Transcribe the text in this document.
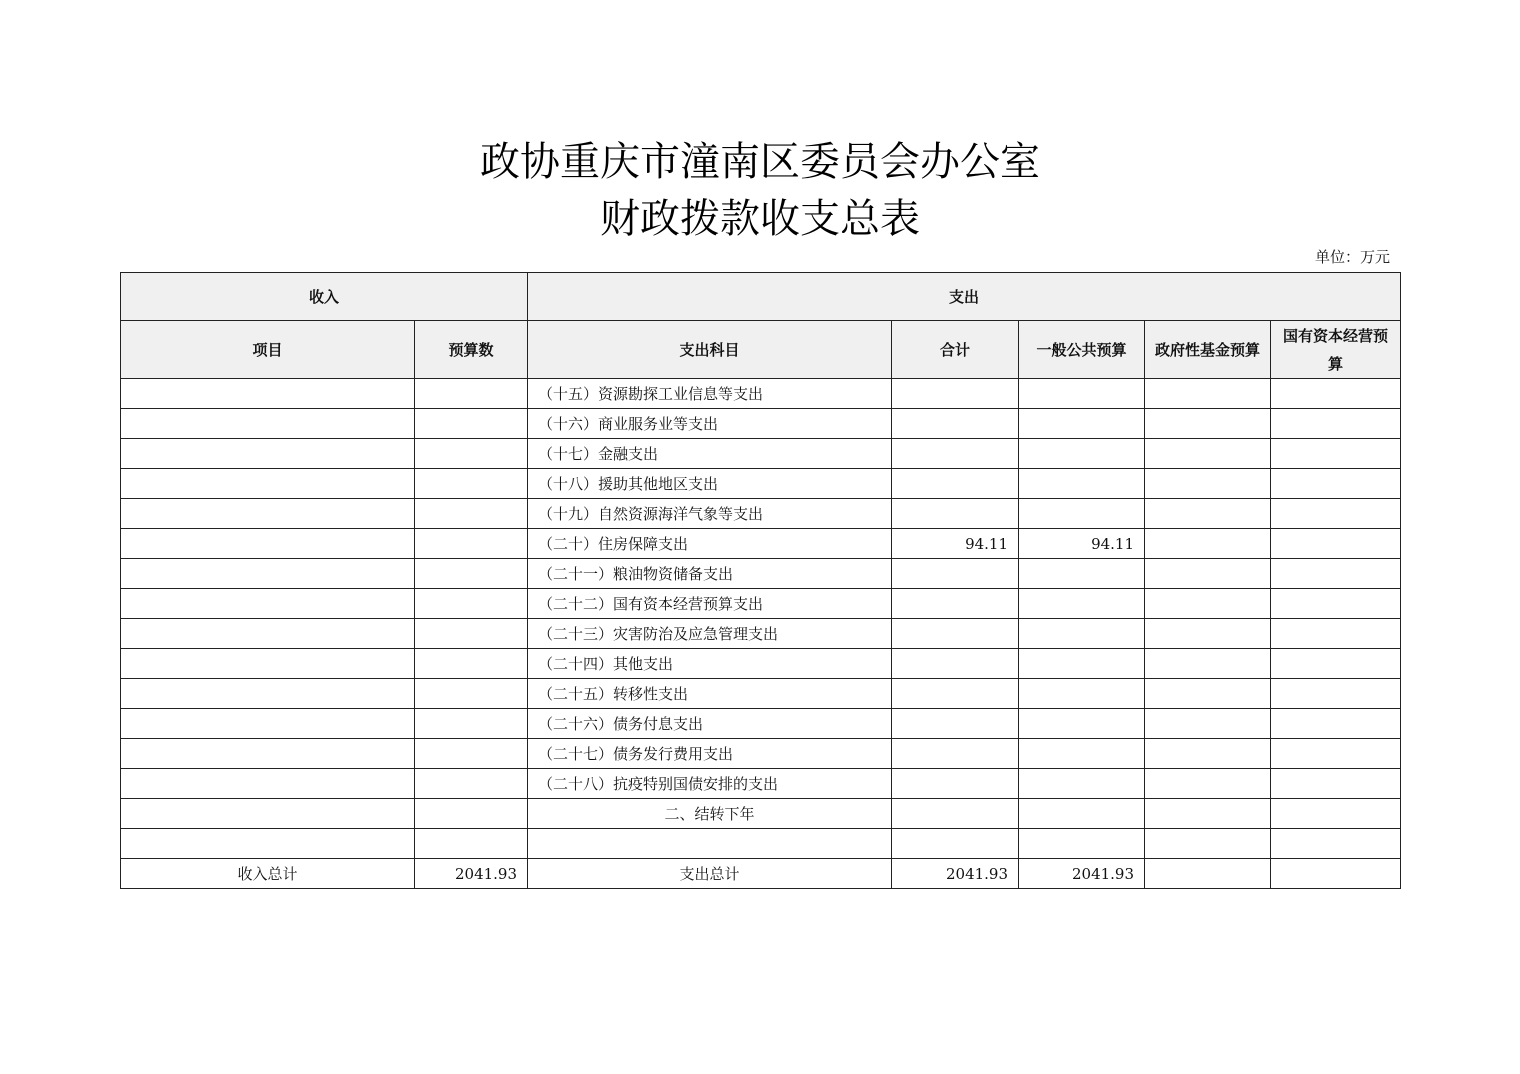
政协重庆市潼南区委员会办公室
财政拨款收支总表
单位：万元
收入		支出				
项目	预算数	支出科目	合计	一般公共预算	政府性基金预算	国有资本经营预算
		（十五）资源勘探工业信息等支出				
		（十六）商业服务业等支出				
		（十七）金融支出				
		（十八）援助其他地区支出				
		（十九）自然资源海洋气象等支出				
		（二十）住房保障支出	94.11	94.11		
		（二十一）粮油物资储备支出				
		（二十二）国有资本经营预算支出				
		（二十三）灾害防治及应急管理支出				
		（二十四）其他支出				
		（二十五）转移性支出				
		（二十六）债务付息支出				
		（二十七）债务发行费用支出				
		（二十八）抗疫特别国债安排的支出				
		二、结转下年				

收入总计	2041.93	支出总计	2041.93	2041.93		
